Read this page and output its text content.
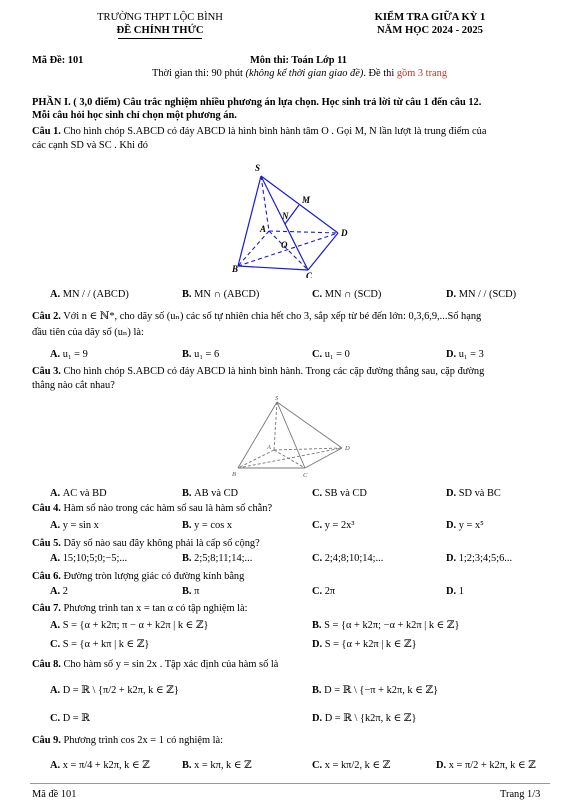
TRƯỜNG THPT LỘC BÌNH
ĐỀ CHÍNH THỨC
KIỂM TRA GIỮA KỲ 1
NĂM HỌC 2024 - 2025
Mã Đề: 101	Môn thi: Toán Lớp 11
Thời gian thi: 90 phút (không kể thời gian giao đề). Đề thi gồm 3 trang
PHẦN I. ( 3,0 điểm) Câu trắc nghiệm nhiều phương án lựa chọn. Học sinh trả lời từ câu 1 đến câu 12.
Mỗi câu hỏi học sinh chỉ chọn một phương án.
Câu 1. Cho hình chóp S.ABCD có đáy ABCD là hình bình hành tâm O . Gọi M, N lần lượt là trung điểm của
các cạnh SD và SC . Khi đó
S
M
N
A
O
D
B
C
A. MN / / (ABCD)	B. MN ∩ (ABCD)	C. MN ∩ (SCD)	D. MN / / (SCD)
Câu 2. Với n ∈ ℕ*, cho dãy số (uₙ) các số tự nhiên chia hết cho 3, sắp xếp từ bé đến lớn: 0,3,6,9,...Số hạng
đầu tiên của dãy số (uₙ) là:
A. u₁ = 9	B. u₁ = 6	C. u₁ = 0	D. u₁ = 3
Câu 3. Cho hình chóp S.ABCD có đáy ABCD là hình bình hành. Trong các cặp đường thẳng sau, cặp đường
thẳng nào cắt nhau?
S
A	D
B	C
A. AC và BD	B. AB và CD	C. SB và CD	D. SD và BC
Câu 4. Hàm số nào trong các hàm số sau là hàm số chẵn?
A. y = sin x	B. y = cos x	C. y = 2x³	D. y = x⁵
Câu 5. Dãy số nào sau đây không phải là cấp số cộng?
A. 15;10;5;0;−5;...	B. 2;5;8;11;14;...	C. 2;4;8;10;14;...	D. 1;2;3;4;5;6...
Câu 6. Đường tròn lượng giác có đường kính bằng
A. 2	B. π	C. 2π	D. 1
Câu 7. Phương trình tan x = tan α có tập nghiệm là:
A. S = {α + k2π; π − α + k2π | k ∈ ℤ}	B. S = {α + k2π; −α + k2π | k ∈ ℤ}
C. S = {α + kπ | k ∈ ℤ}	D. S = {α + k2π | k ∈ ℤ}
Câu 8. Cho hàm số y = sin 2x . Tập xác định của hàm số là
A. D = ℝ \ {π/2 + k2π, k ∈ ℤ}	B. D = ℝ \ {−π + k2π, k ∈ ℤ}
C. D = ℝ	D. D = ℝ \ {k2π, k ∈ ℤ}
Câu 9. Phương trình cos 2x = 1 có nghiệm là:
A. x = π/4 + k2π, k ∈ ℤ	B. x = kπ, k ∈ ℤ	C. x = kπ/2, k ∈ ℤ	D. x = π/2 + k2π, k ∈ ℤ
Mã đề 101	Trang 1/3
